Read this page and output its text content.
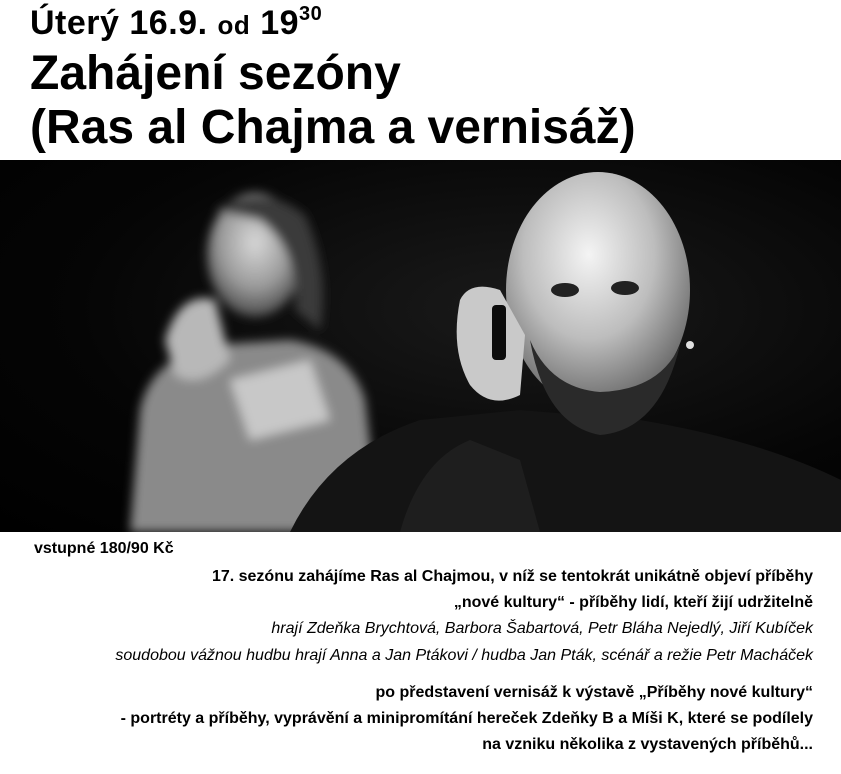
Úterý 16.9. od $19^{30}$
Zahájení sezóny
(Ras al Chajma a vernisáž)
vstupné 180/90 Kč
17. sezónu zahájíme Ras al Chajmou, v níž se tentokrát unikátně objeví příběhy
„nové kultury“ - příběhy lidí, kteří žijí udržitelně
hrají Zdeňka Brychtová, Barbora Šabartová, Petr Bláha Nejedlý, Jiří Kubíček
soudobou vážnou hudbu hrají Anna a Jan Ptákovi / hudba Jan Pták, scénář a režie Petr Macháček
po představení vernisáž k výstavě „Příběhy nové kultury“
- portréty a příběhy, vyprávění a minipromítání hereček Zdeňky B a Míši K, které se podílely
na vzniku několika z vystavených příběhů...
